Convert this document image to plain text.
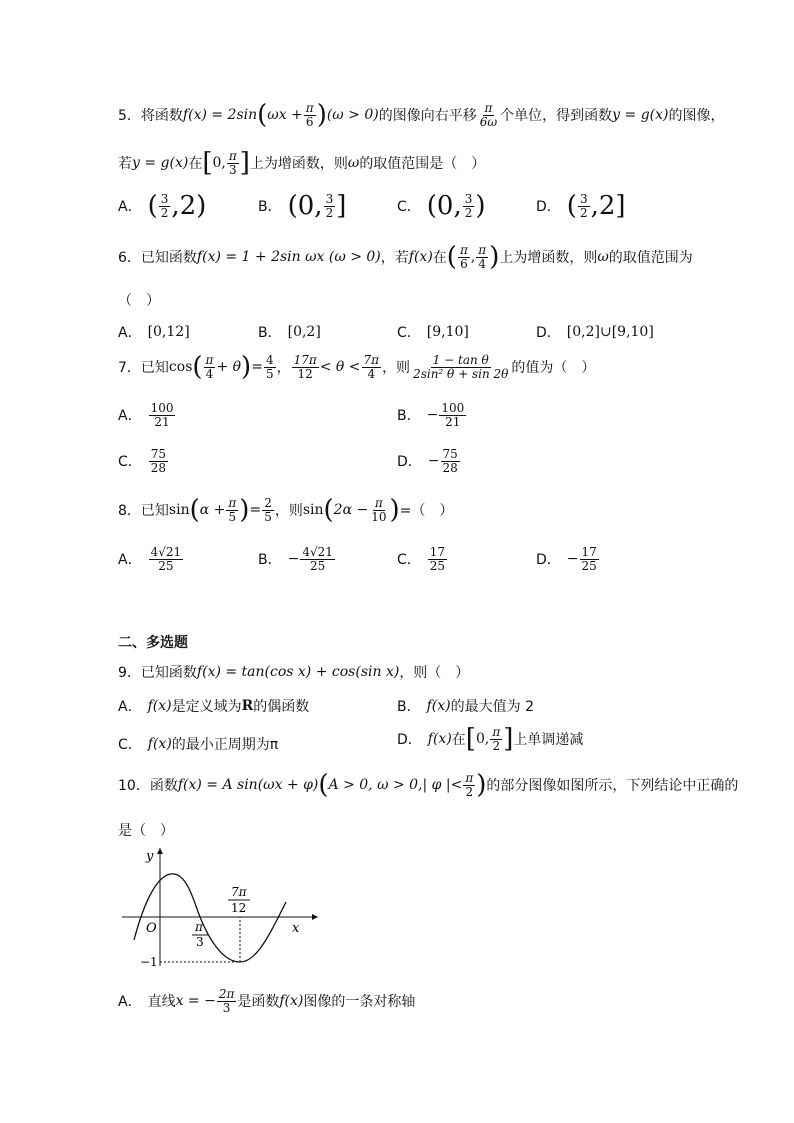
5． 将函数 f(x) = 2sin ( $\omega x + \frac{\pi}{6}$ ) (ω > 0) 的图像向右平移
π
6ω 个单位，得到函数 y = g(x) 的图像，
若 y = g(x) 在 [ 0, π
3 ] 上为增函数，则 ω 的取值范围是（　）
A． ( 3
2 ,2)	B． (0, 3
2 ]	C． (0, 3
2 )	D． ( 3
2 ,2]
6．已知函数 f(x) = 1 + 2sin ωx (ω > 0) ，若 f(x) 在 ( π
6 , π
4 ) 上为增函数，则 ω 的取值范围为
（　）
A． [0,12]	B． [0,2]	C． [9,10]	D． [0,2]∪[9,10]
7．已知 cos ( π
4 + θ ) = $\frac{4}{5}$ ，
17π
12 < θ < 7π
4 ，则
1 − tan θ
2sin² θ + sin 2θ 的值为（　）
A．
100
21	B． − $\frac{100}{21}$
C．
75
28	D． − $\frac{75}{28}$
8．已知 sin ( $\alpha + \frac{\pi}{5}$ ) = $\frac{2}{5}$ ，则 sin ( $2\alpha - \frac{\pi}{10}$ ) =（　）
A．
4√21
25	B． − $\frac{4√21}{25}$	C．
17
25	D． − $\frac{17}{25}$
二、多选题
9．已知函数 f(x) = tan(cos x) + cos(sin x) ，则（　）
A． f(x) 是定义域为 R 的偶函数	B． f(x) 的最大值为 2
C． f(x) 的最小正周期为π	D． f(x) 在 [ 0, π
2 ] 上单调递减
10．函数 f(x) = A sin(ωx + φ) ( A > 0, ω > 0,| φ |< π
2 ) 的部分图像如图所示，下列结论中正确的
是（　）
y
x
O	π
3
7π
12
−1
A． 直线 x = − $\frac{2\pi}{3}$ 是函数 f(x) 图像的一条对称轴
